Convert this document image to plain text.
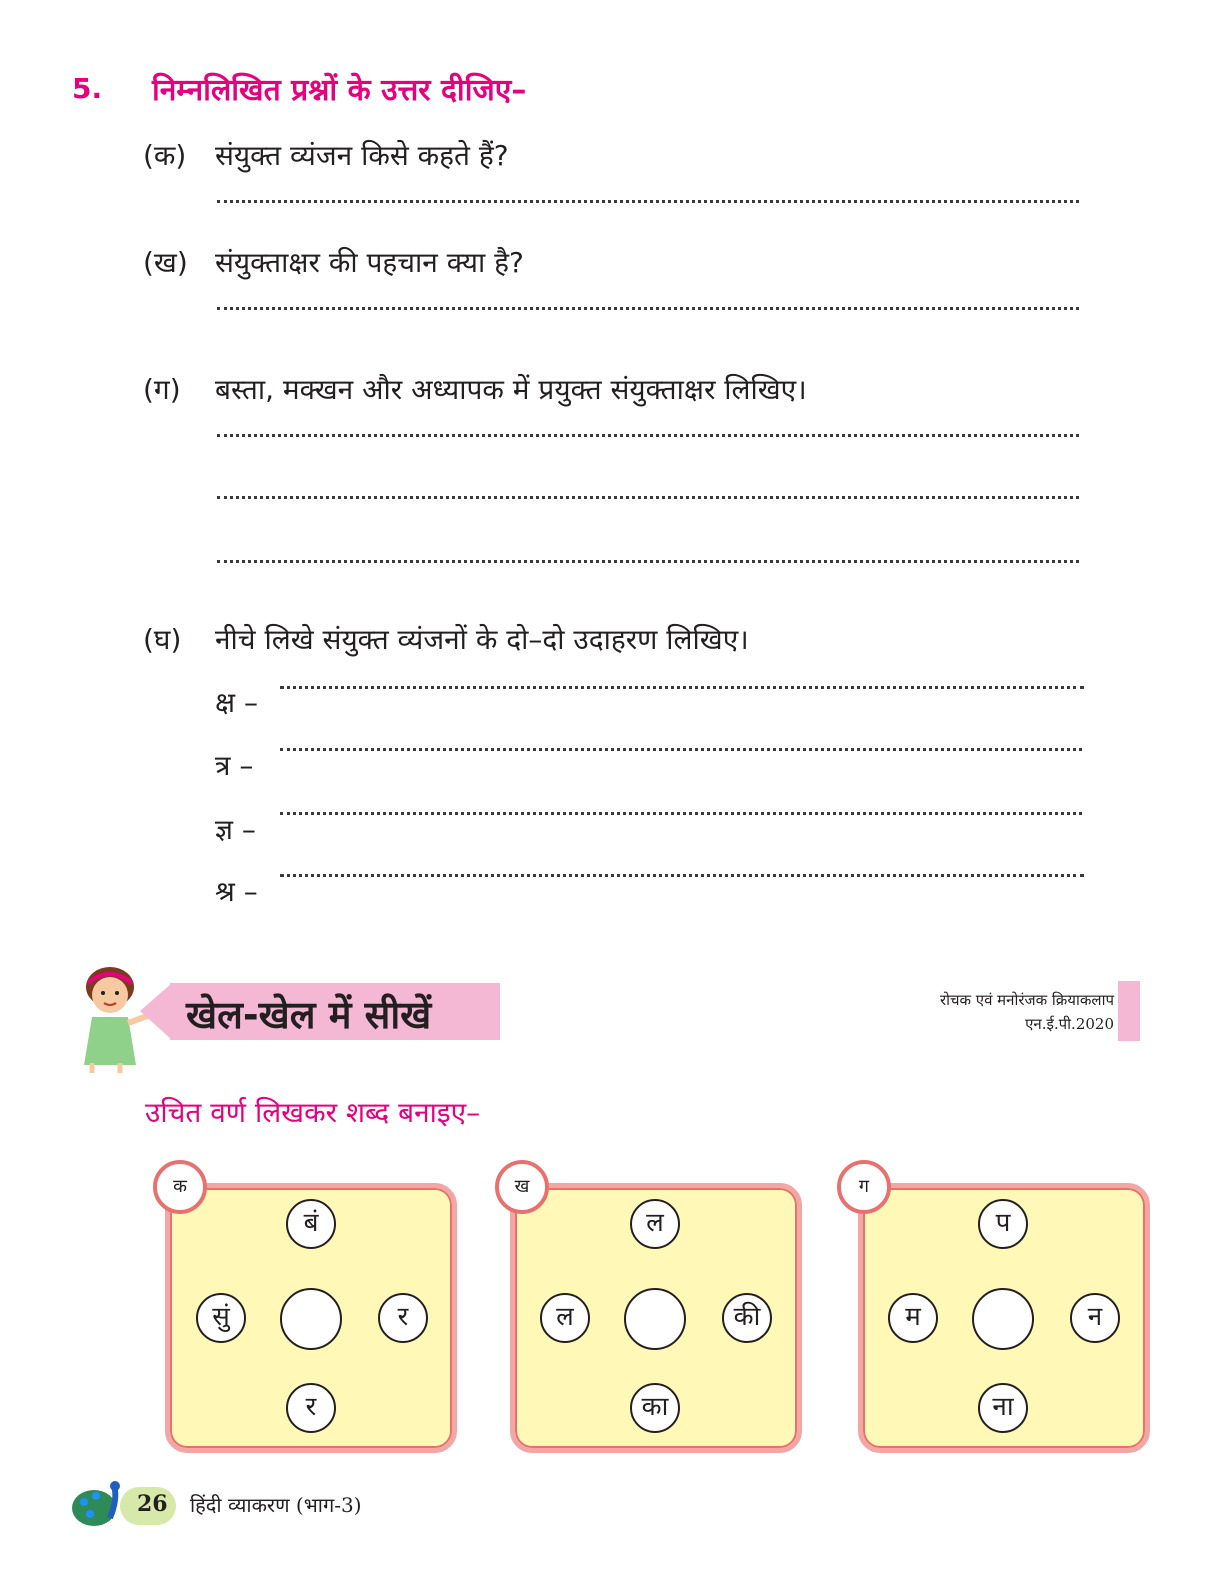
5. निम्नलिखित प्रश्नों के उत्तर दीजिए–
(क) संयुक्त व्यंजन किसे कहते हैं?
(ख) संयुक्ताक्षर की पहचान क्या है?
(ग) बस्ता, मक्खन और अध्यापक में प्रयुक्त संयुक्ताक्षर लिखिए।
(घ) नीचे लिखे संयुक्त व्यंजनों के दो–दो उदाहरण लिखिए।
क्ष –
त्र –
ज्ञ –
श्र –
खेल-खेल में सीखें	रोचक एवं मनोरंजक क्रियाकलाप
एन.ई.पी.2020
उचित वर्ण लिखकर शब्द बनाइए–
क
बं
सुं	र
र
ख
ल
ल	की
का
ग
प
म	न
ना
26 हिंदी व्याकरण (भाग-3)
